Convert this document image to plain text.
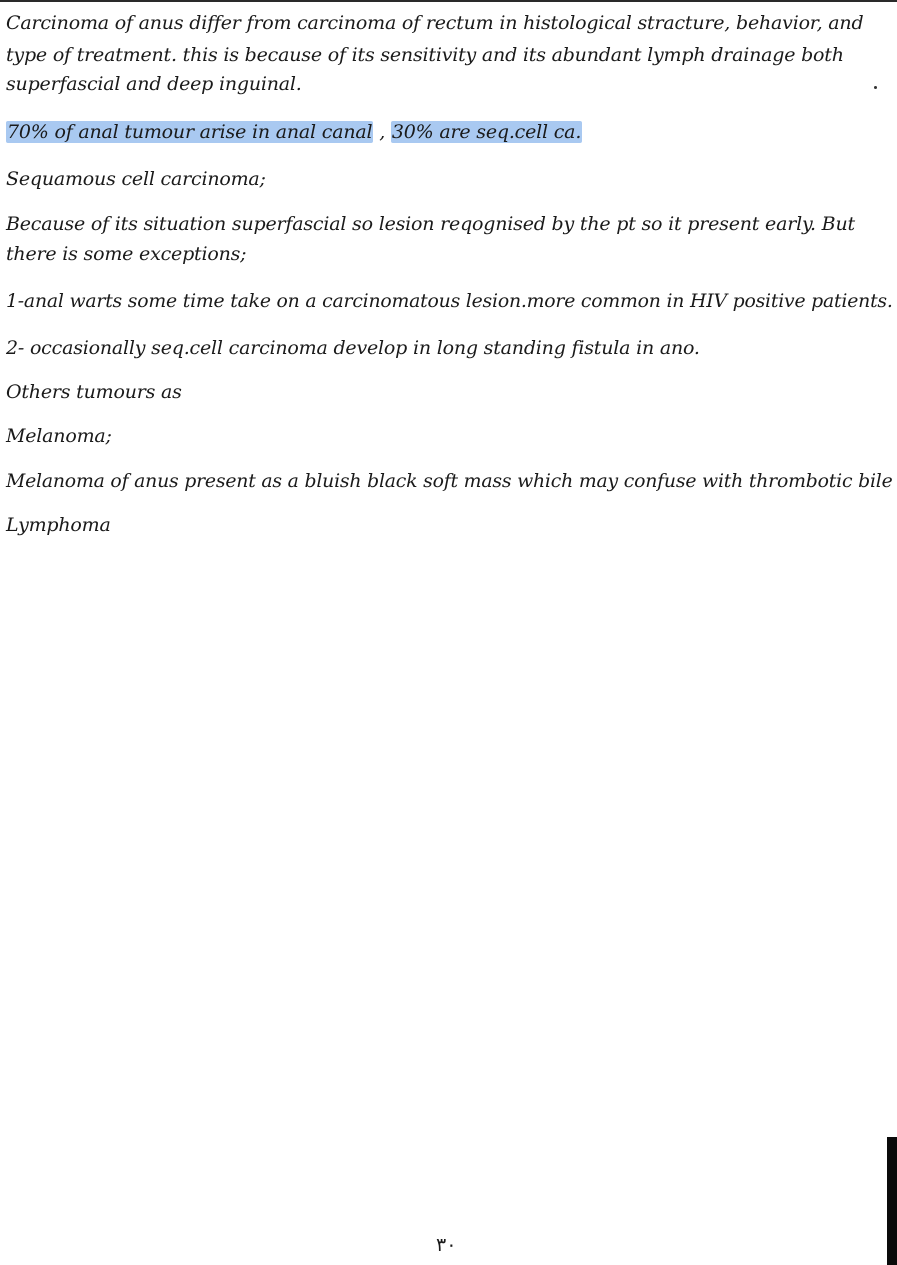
Carcinoma of anus differ from carcinoma of rectum in histological stracture, behavior, and
type of treatment. this is because of its sensitivity and its abundant lymph drainage both
superfascial and deep inguinal.
70% of anal tumour arise in anal canal , 30% are seq.cell ca.
Sequamous cell carcinoma;
Because of its situation superfascial so lesion reqognised by the pt so it present early. But
there is some exceptions;
1-anal warts some time take on a carcinomatous lesion.more common in HIV positive patients.
2- occasionally seq.cell carcinoma develop in long standing fistula in ano.
Others tumours as
Melanoma;
Melanoma of anus present as a bluish black soft mass which may confuse with thrombotic bile
Lymphoma
٣٠
